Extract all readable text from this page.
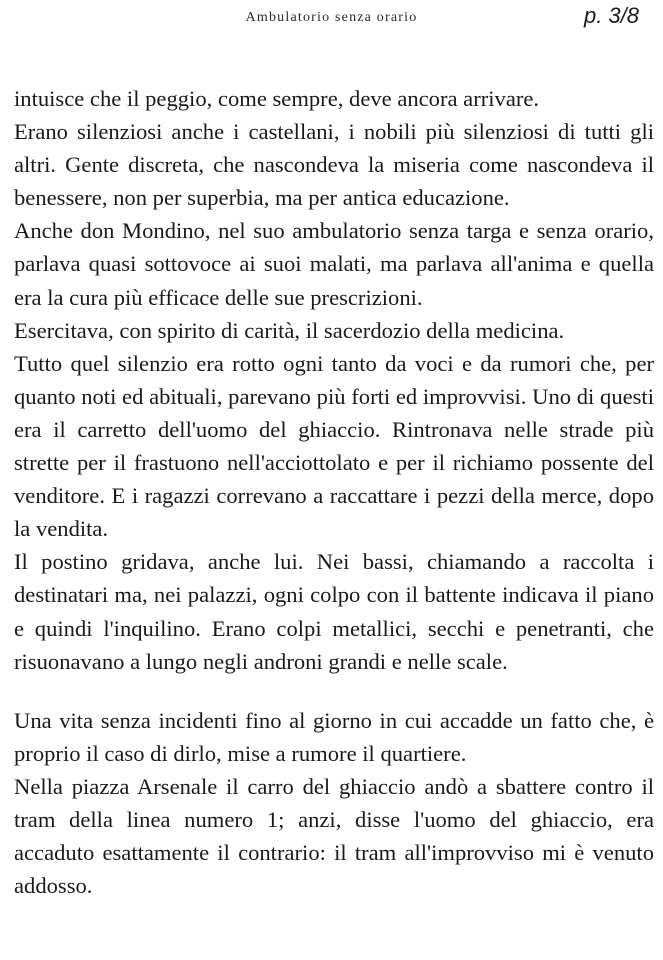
Ambulatorio senza orario	p. 3/8

intuisce che il peggio, come sempre, deve ancora arrivare.

Erano silenziosi anche i castellani, i nobili più silenziosi di tutti gli altri. Gente discreta, che nascondeva la miseria come nascondeva il benessere, non per superbia, ma per antica educazione.

Anche don Mondino, nel suo ambulatorio senza targa e senza orario, parlava quasi sottovoce ai suoi malati, ma parlava all'anima e quella era la cura più efficace delle sue prescrizioni.

Esercitava, con spirito di carità, il sacerdozio della medicina.

Tutto quel silenzio era rotto ogni tanto da voci e da rumori che, per quanto noti ed abituali, parevano più forti ed improvvisi. Uno di questi era il carretto dell'uomo del ghiaccio. Rintronava nelle strade più strette per il frastuono nell'acciottolato e per il richiamo possente del venditore. E i ragazzi correvano a raccattare i pezzi della merce, dopo la vendita.

Il postino gridava, anche lui. Nei bassi, chiamando a raccolta i destinatari ma, nei palazzi, ogni colpo con il battente indicava il piano e quindi l'inquilino. Erano colpi metallici, secchi e penetranti, che risuonavano a lungo negli androni grandi e nelle scale.

Una vita senza incidenti fino al giorno in cui accadde un fatto che, è proprio il caso di dirlo, mise a rumore il quartiere.

Nella piazza Arsenale il carro del ghiaccio andò a sbattere contro il tram della linea numero 1; anzi, disse l'uomo del ghiaccio, era accaduto esattamente il contrario: il tram all'improvviso mi è venuto addosso.
